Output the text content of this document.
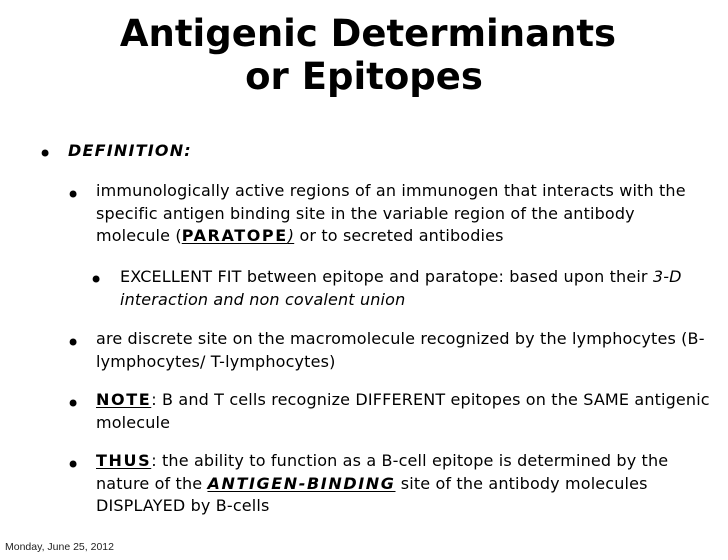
Antigenic Determinants
or Epitopes
• DEFINITION:
• immunologically active regions of an immunogen that interacts with the specific antigen binding site in the variable region of the antibody molecule (PARATOPE) or to secreted antibodies
• EXCELLENT FIT between epitope and paratope: based upon their 3-D interaction and non covalent union
• are discrete site on the macromolecule recognized by the lymphocytes (B-lymphocytes/ T-lymphocytes)
• NOTE: B and T cells recognize DIFFERENT epitopes on the SAME antigenic molecule
• THUS: the ability to function as a B-cell epitope is determined by the nature of the ANTIGEN-BINDING site of the antibody molecules DISPLAYED by B-cells
Monday, June 25, 2012
